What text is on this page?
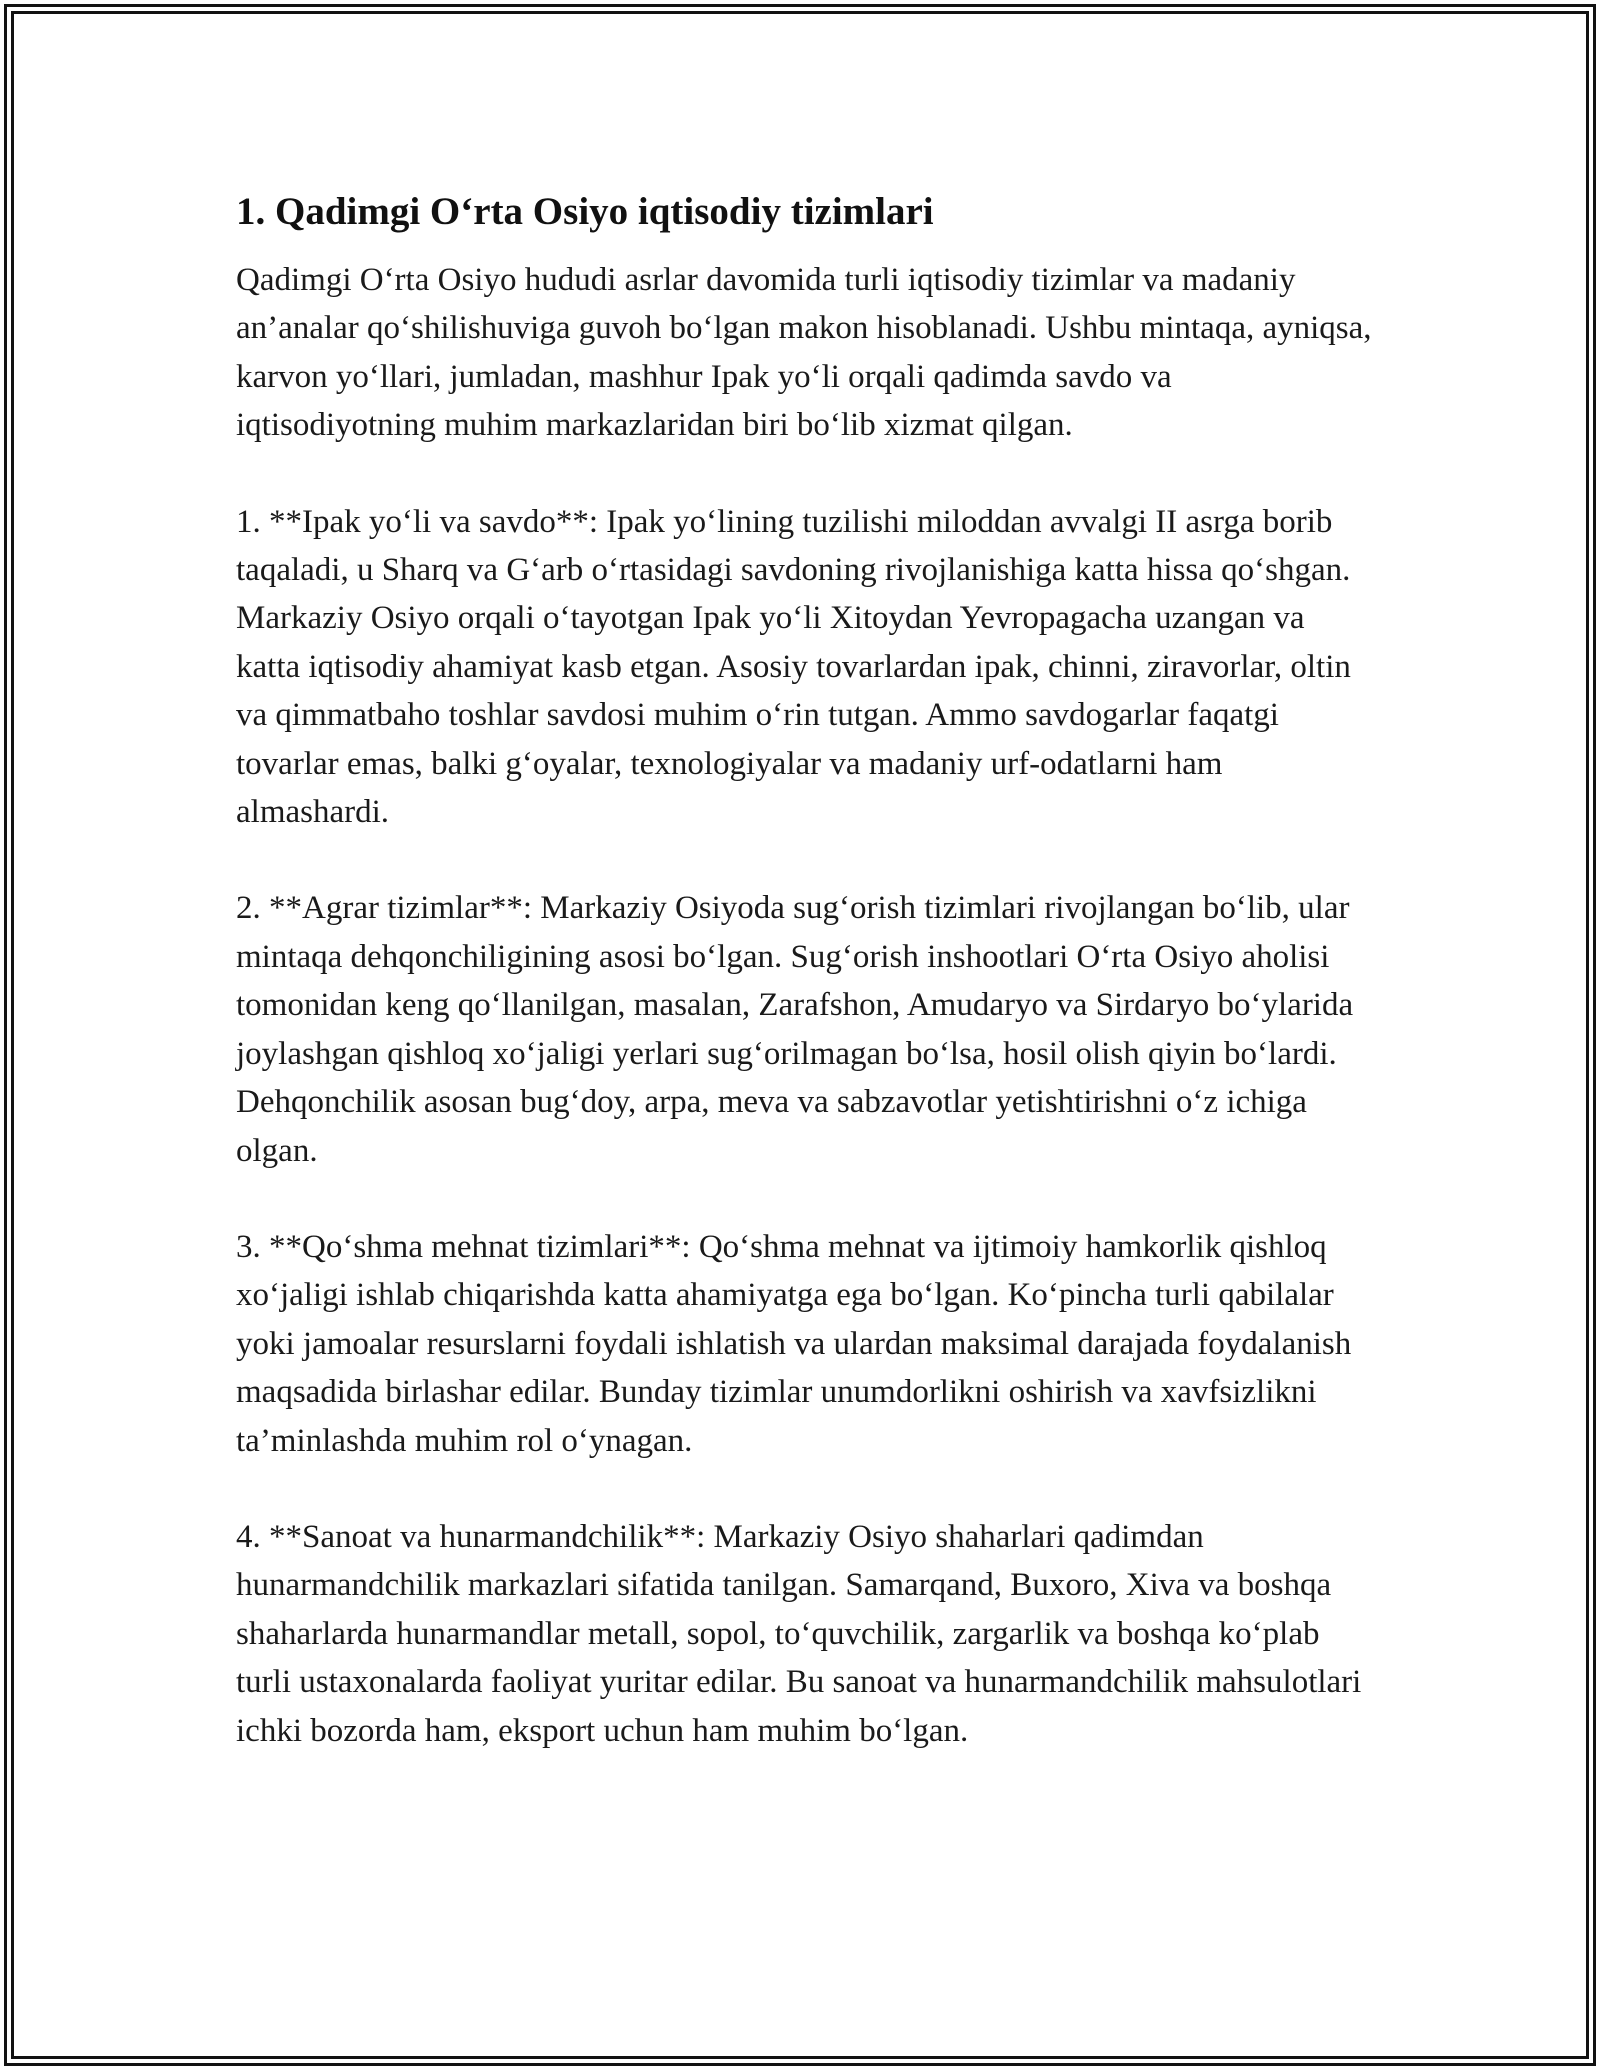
1. Qadimgi O‘rta Osiyo iqtisodiy tizimlari

Qadimgi O‘rta Osiyo hududi asrlar davomida turli iqtisodiy tizimlar va madaniy an’analar qo‘shilishuviga guvoh bo‘lgan makon hisoblanadi. Ushbu mintaqa, ayniqsa, karvon yo‘llari, jumladan, mashhur Ipak yo‘li orqali qadimda savdo va iqtisodiyotning muhim markazlaridan biri bo‘lib xizmat qilgan.

1. **Ipak yo‘li va savdo**: Ipak yo‘lining tuzilishi miloddan avvalgi II asrga borib taqaladi, u Sharq va G‘arb o‘rtasidagi savdoning rivojlanishiga katta hissa qo‘shgan. Markaziy Osiyo orqali o‘tayotgan Ipak yo‘li Xitoydan Yevropagacha uzangan va katta iqtisodiy ahamiyat kasb etgan. Asosiy tovarlardan ipak, chinni, ziravorlar, oltin va qimmatbaho toshlar savdosi muhim o‘rin tutgan. Ammo savdogarlar faqatgi tovarlar emas, balki g‘oyalar, texnologiyalar va madaniy urf-odatlarni ham almashardi.

2. **Agrar tizimlar**: Markaziy Osiyoda sug‘orish tizimlari rivojlangan bo‘lib, ular mintaqa dehqonchiligining asosi bo‘lgan. Sug‘orish inshootlari O‘rta Osiyo aholisi tomonidan keng qo‘llanilgan, masalan, Zarafshon, Amudaryo va Sirdaryo bo‘ylarida joylashgan qishloq xo‘jaligi yerlari sug‘orilmagan bo‘lsa, hosil olish qiyin bo‘lardi. Dehqonchilik asosan bug‘doy, arpa, meva va sabzavotlar yetishtirishni o‘z ichiga olgan.

3. **Qo‘shma mehnat tizimlari**: Qo‘shma mehnat va ijtimoiy hamkorlik qishloq xo‘jaligi ishlab chiqarishda katta ahamiyatga ega bo‘lgan. Ko‘pincha turli qabilalar yoki jamoalar resurslarni foydali ishlatish va ulardan maksimal darajada foydalanish maqsadida birlashar edilar. Bunday tizimlar unumdorlikni oshirish va xavfsizlikni ta’minlashda muhim rol o‘ynagan.

4. **Sanoat va hunarmandchilik**: Markaziy Osiyo shaharlari qadimdan hunarmandchilik markazlari sifatida tanilgan. Samarqand, Buxoro, Xiva va boshqa shaharlarda hunarmandlar metall, sopol, to‘quvchilik, zargarlik va boshqa ko‘plab turli ustaxonalarda faoliyat yuritar edilar. Bu sanoat va hunarmandchilik mahsulotlari ichki bozorda ham, eksport uchun ham muhim bo‘lgan.
